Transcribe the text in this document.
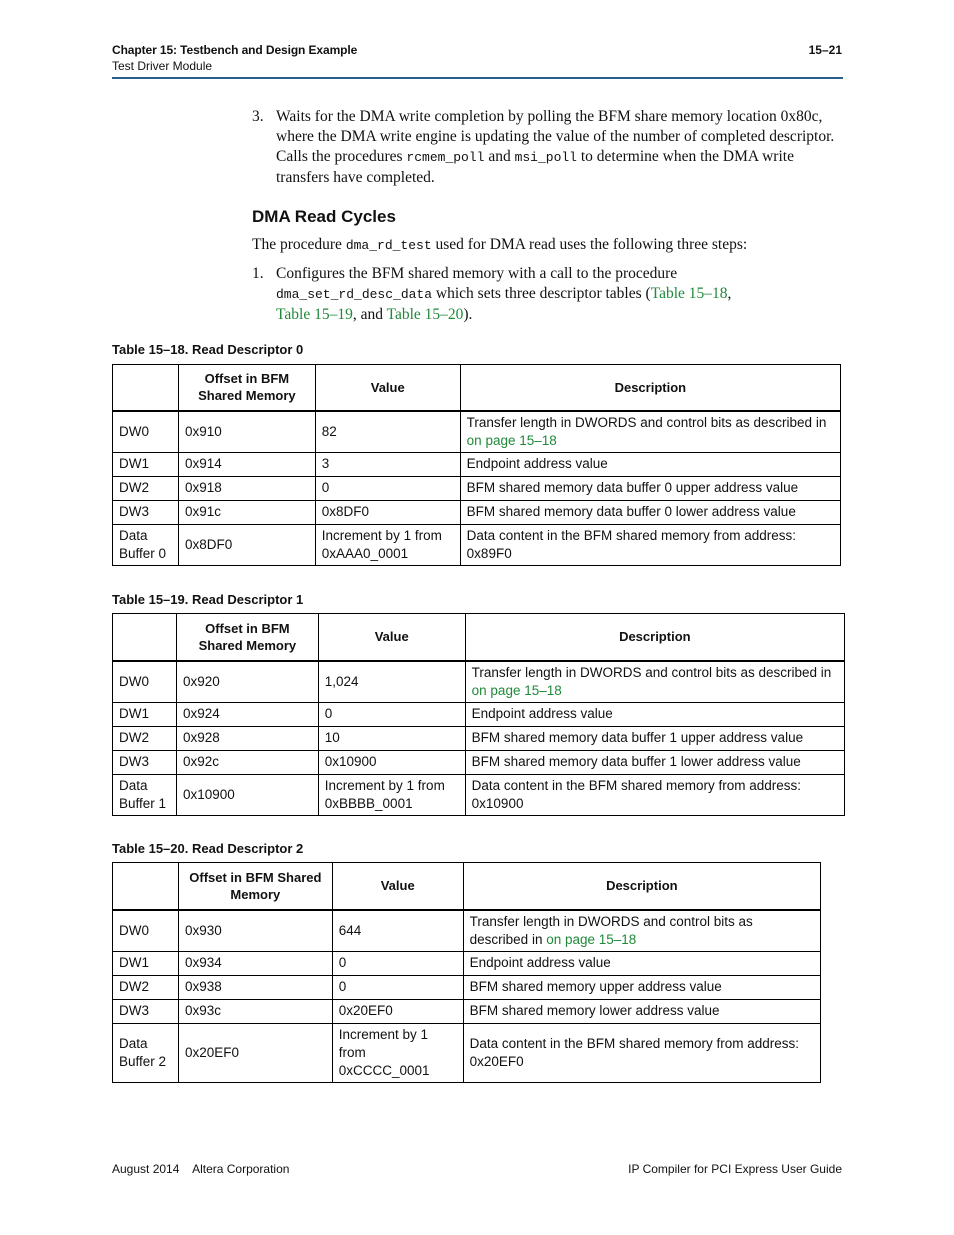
Chapter 15: Testbench and Design Example
Test Driver Module
15–21
3. Waits for the DMA write completion by polling the BFM share memory location 0x80c, where the DMA write engine is updating the value of the number of completed descriptor. Calls the procedures rcmem_poll and msi_poll to determine when the DMA write transfers have completed.
DMA Read Cycles
The procedure dma_rd_test used for DMA read uses the following three steps:
1. Configures the BFM shared memory with a call to the procedure
dma_set_rd_desc_data which sets three descriptor tables (Table 15–18,
Table 15–19, and Table 15–20).
Table 15–18. Read Descriptor 0
	Offset in BFM Shared Memory	Value	Description
DW0	0x910	82	Transfer length in DWORDS and control bits as described in on page 15–18
DW1	0x914	3	Endpoint address value
DW2	0x918	0	BFM shared memory data buffer 0 upper address value
DW3	0x91c	0x8DF0	BFM shared memory data buffer 0 lower address value
Data Buffer 0	0x8DF0	Increment by 1 from 0xAAA0_0001	Data content in the BFM shared memory from address: 0x89F0
Table 15–19. Read Descriptor 1
	Offset in BFM Shared Memory	Value	Description
DW0	0x920	1,024	Transfer length in DWORDS and control bits as described in on page 15–18
DW1	0x924	0	Endpoint address value
DW2	0x928	10	BFM shared memory data buffer 1 upper address value
DW3	0x92c	0x10900	BFM shared memory data buffer 1 lower address value
Data Buffer 1	0x10900	Increment by 1 from 0xBBBB_0001	Data content in the BFM shared memory from address: 0x10900
Table 15–20. Read Descriptor 2
	Offset in BFM Shared Memory	Value	Description
DW0	0x930	644	Transfer length in DWORDS and control bits as described in on page 15–18
DW1	0x934	0	Endpoint address value
DW2	0x938	0	BFM shared memory upper address value
DW3	0x93c	0x20EF0	BFM shared memory lower address value
Data Buffer 2	0x20EF0	Increment by 1 from 0xCCCC_0001	Data content in the BFM shared memory from address: 0x20EF0
August 2014    Altera Corporation	IP Compiler for PCI Express User Guide
